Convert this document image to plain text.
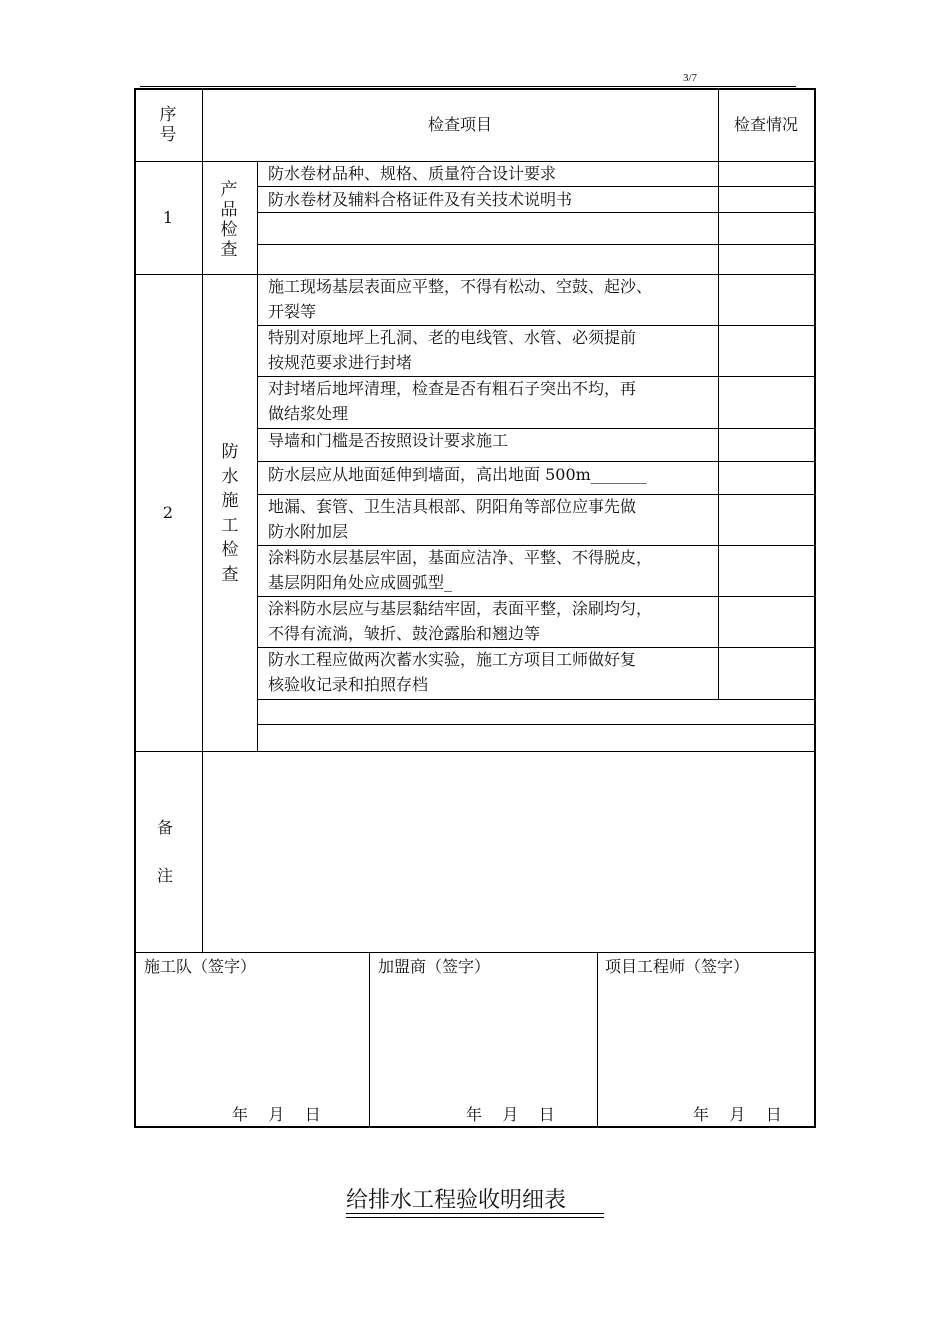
3/7
序
号
检查项目	检查情况
1
产
品
检
查
防水卷材品种、规格、质量符合设计要求
防水卷材及辅料合格证件及有关技术说明书
2
防
水
施
工
检
查
施工现场基层表面应平整，不得有松动、空鼓、起沙、
开裂等
特别对原地坪上孔洞、老的电线管、水管、必须提前
按规范要求进行封堵
对封堵后地坪清理，检查是否有粗石子突出不均，再
做结浆处理
导墙和门槛是否按照设计要求施工
防水层应从地面延伸到墙面，高出地面 500m_______
地漏、套管、卫生洁具根部、阴阳角等部位应事先做
防水附加层
涂料防水层基层牢固，基面应洁净、平整、不得脱皮，
基层阴阳角处应成圆弧型_
涂料防水层应与基层黏结牢固，表面平整，涂刷均匀，
不得有流淌，皱折、鼓沧露胎和翘边等
防水工程应做两次蓄水实验，施工方项目工师做好复
核验收记录和拍照存档
备
注
施工队（签字）
年    月    日
加盟商（签字）
年    月    日
项目工程师（签字）
年    月    日
给排水工程验收明细表
